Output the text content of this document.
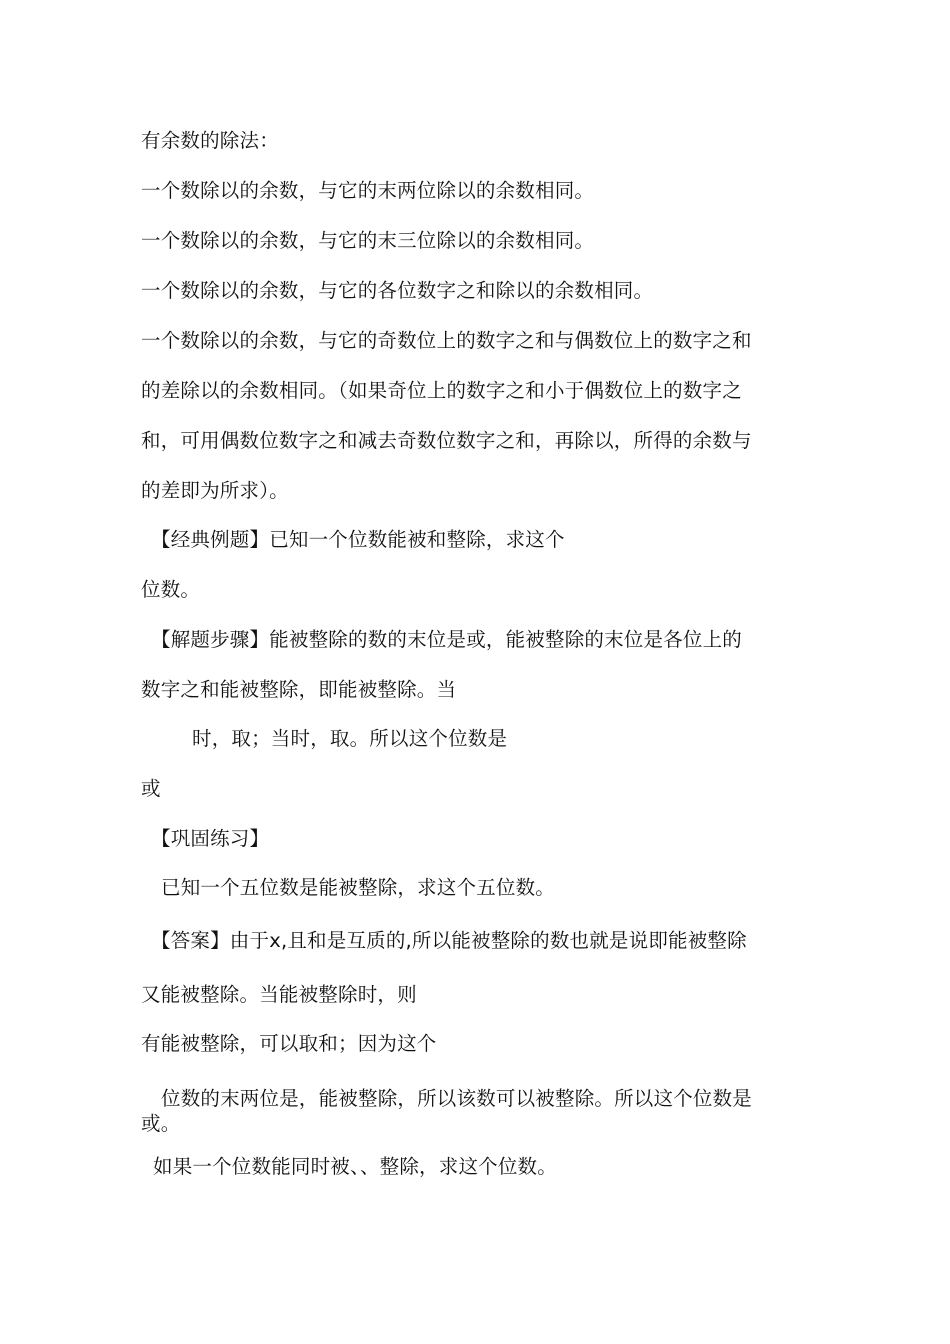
有余数的除法：
一个数除以的余数，与它的末两位除以的余数相同。
一个数除以的余数，与它的末三位除以的余数相同。
一个数除以的余数，与它的各位数字之和除以的余数相同。
一个数除以的余数，与它的奇数位上的数字之和与偶数位上的数字之和
的差除以的余数相同。（如果奇位上的数字之和小于偶数位上的数字之
和，可用偶数位数字之和减去奇数位数字之和，再除以，所得的余数与
的差即为所求）。
【经典例题】已知一个位数能被和整除，求这个
位数。
【解题步骤】能被整除的数的末位是或，能被整除的末位是各位上的
数字之和能被整除，即能被整除。当
时，取；当时，取。所以这个位数是
或
【巩固练习】
已知一个五位数是能被整除，求这个五位数。
【答案】由于x,且和是互质的,所以能被整除的数也就是说即能被整除
又能被整除。当能被整除时，则
有能被整除，可以取和；因为这个
位数的末两位是，能被整除，所以该数可以被整除。所以这个位数是
或。
如果一个位数能同时被、、整除，求这个位数。
